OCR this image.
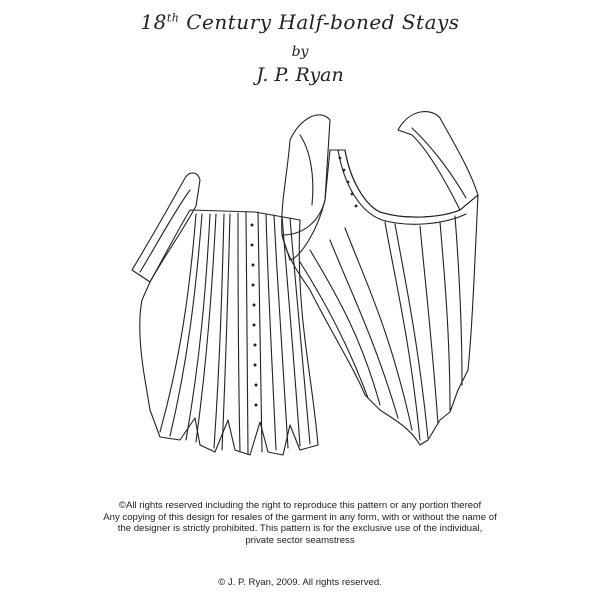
18th Century Half-boned Stays
by
J. P. Ryan
©All rights reserved including the right to reproduce this pattern or any portion thereof
Any copying of this design for resales of the garment in any form, with or without the name of
the designer is strictly prohibited. This pattern is for the exclusive use of the individual,
private sector seamstress
© J. P. Ryan, 2009. All rights reserved.
